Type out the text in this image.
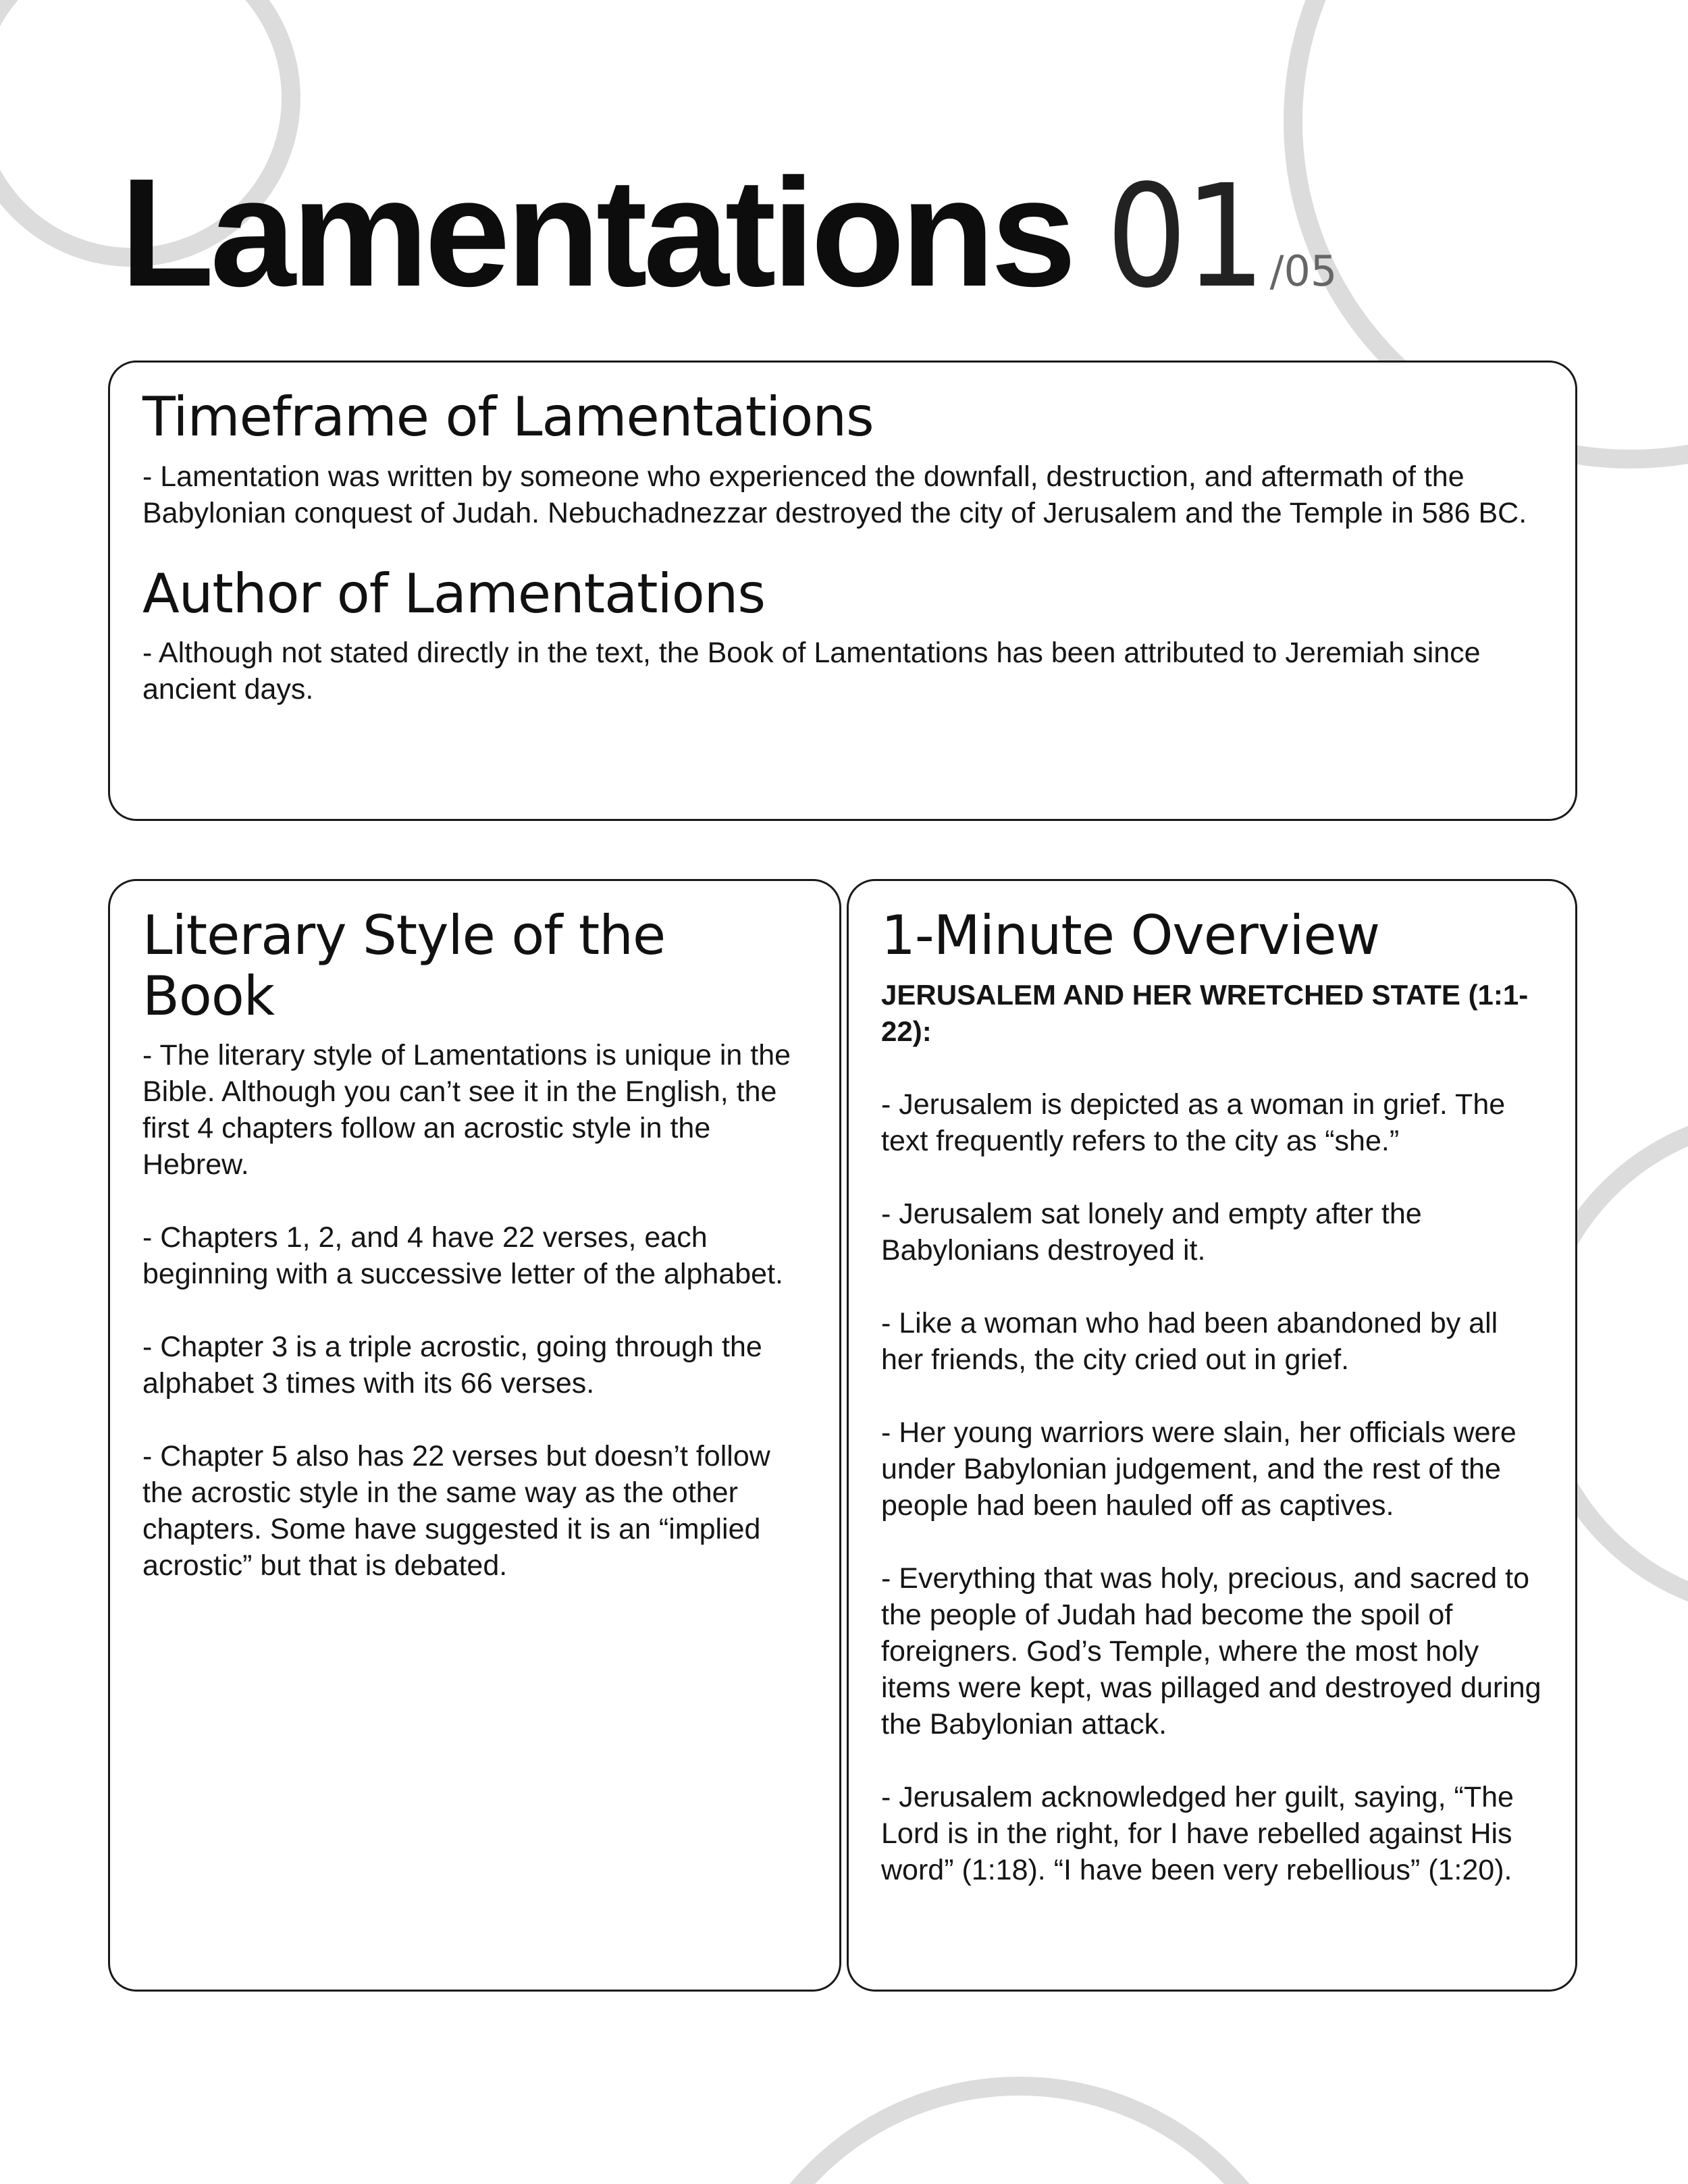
Lamentations 01 /05
Timeframe of Lamentations

- Lamentation was written by someone who experienced the downfall, destruction, and aftermath of the Babylonian conquest of Judah. Nebuchadnezzar destroyed the city of Jerusalem and the Temple in 586 BC.

Author of Lamentations

- Although not stated directly in the text, the Book of Lamentations has been attributed to Jeremiah since ancient days.

Literary Style of the Book

- The literary style of Lamentations is unique in the Bible. Although you can’t see it in the English, the first 4 chapters follow an acrostic style in the Hebrew.

- Chapters 1, 2, and 4 have 22 verses, each beginning with a successive letter of the alphabet.

- Chapter 3 is a triple acrostic, going through the alphabet 3 times with its 66 verses.

- Chapter 5 also has 22 verses but doesn’t follow the acrostic style in the same way as the other chapters. Some have suggested it is an “implied acrostic” but that is debated.

1-Minute Overview

JERUSALEM AND HER WRETCHED STATE (1:1-22):

- Jerusalem is depicted as a woman in grief. The text frequently refers to the city as “she.”

- Jerusalem sat lonely and empty after the Babylonians destroyed it.

- Like a woman who had been abandoned by all her friends, the city cried out in grief.

- Her young warriors were slain, her officials were under Babylonian judgement, and the rest of the people had been hauled off as captives.

- Everything that was holy, precious, and sacred to the people of Judah had become the spoil of foreigners. God’s Temple, where the most holy items were kept, was pillaged and destroyed during the Babylonian attack.

- Jerusalem acknowledged her guilt, saying, “The Lord is in the right, for I have rebelled against His word” (1:18). “I have been very rebellious” (1:20).
